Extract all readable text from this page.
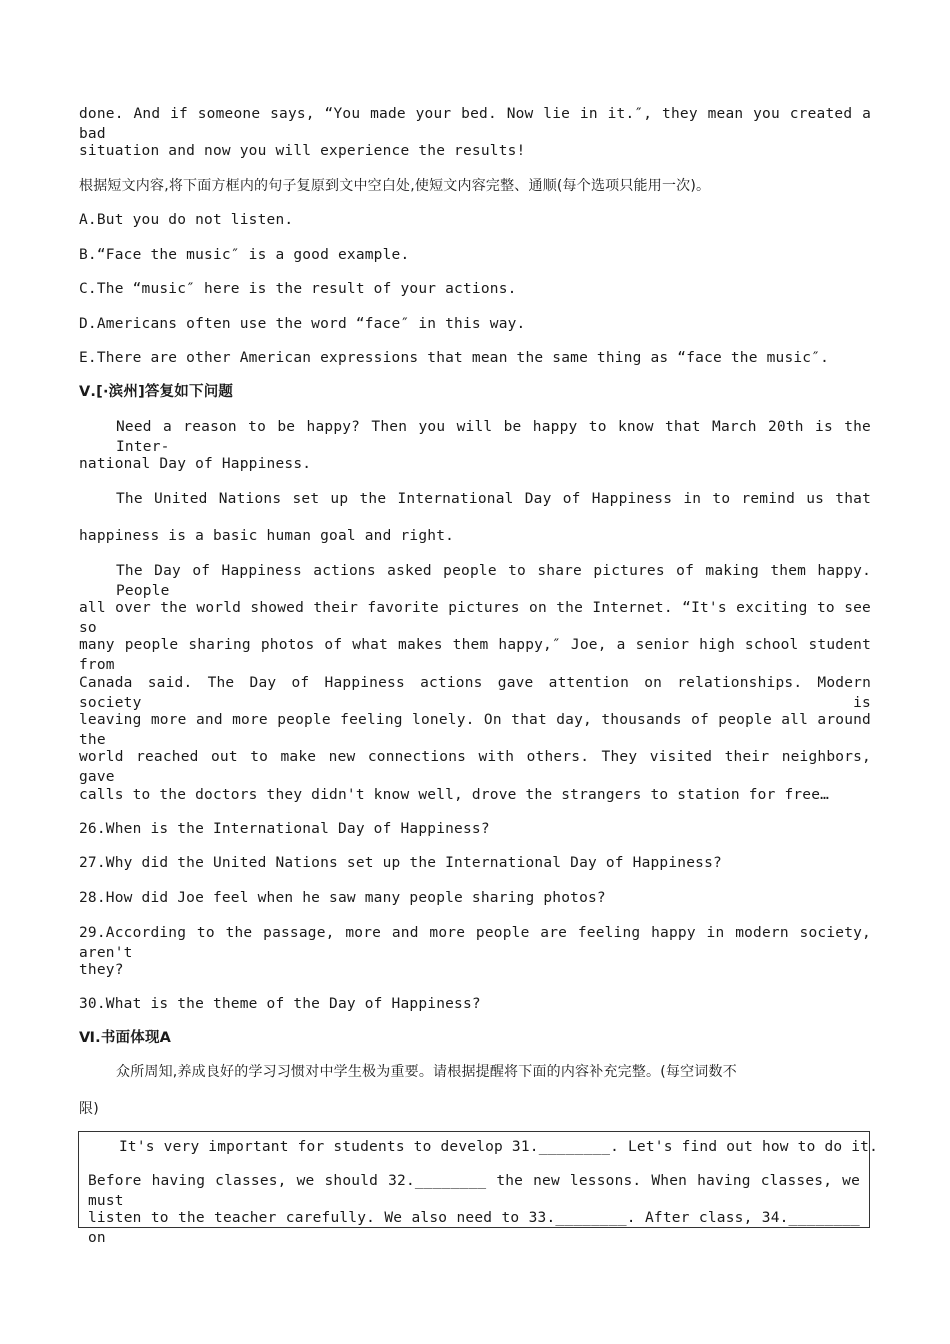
done. And if someone says, “You made your bed. Now lie in it.″, they mean you created a bad
situation and now you will experience the results!
根据短文内容,将下面方框内的句子复原到文中空白处,使短文内容完整、通顺(每个选项只能用一次)。
A.But you do not listen.
B.“Face the music″ is a good example.
C.The “music″ here is the result of your actions.
D.Americans often use the word “face″ in this way.
E.There are other American expressions that mean the same thing as “face the music″.
Ⅴ.[·滨州]答复如下问题
Need a reason to be happy? Then you will be happy to know that March 20th is the Inter-
national Day of Happiness.
The United Nations set up the International Day of Happiness in to remind us that
happiness is a basic human goal and right.
The Day of Happiness actions asked people to share pictures of making them happy. People
all over the world showed their favorite pictures on the Internet. “It's exciting to see so
many people sharing photos of what makes them happy,″ Joe, a senior high school student from
Canada said. The Day of Happiness actions gave attention on relationships. Modern society is
leaving more and more people feeling lonely. On that day, thousands of people all around the
world reached out to make new connections with others. They visited their neighbors, gave
calls to the doctors they didn't know well, drove the strangers to station for free…
26.When is the International Day of Happiness?
27.Why did the United Nations set up the International Day of Happiness?
28.How did Joe feel when he saw many people sharing photos?
29.According to the passage, more and more people are feeling happy in modern society, aren't
they?
30.What is the theme of the Day of Happiness?
Ⅵ.书面体现A
众所周知,养成良好的学习习惯对中学生极为重要。请根据提醒将下面的内容补充完整。(每空词数不
限)
It's very important for students to develop 31.________. Let's find out how to do it.
Before having classes, we should 32.________ the new lessons. When having classes, we must
listen to the teacher carefully. We also need to 33.________. After class, 34.________ on
